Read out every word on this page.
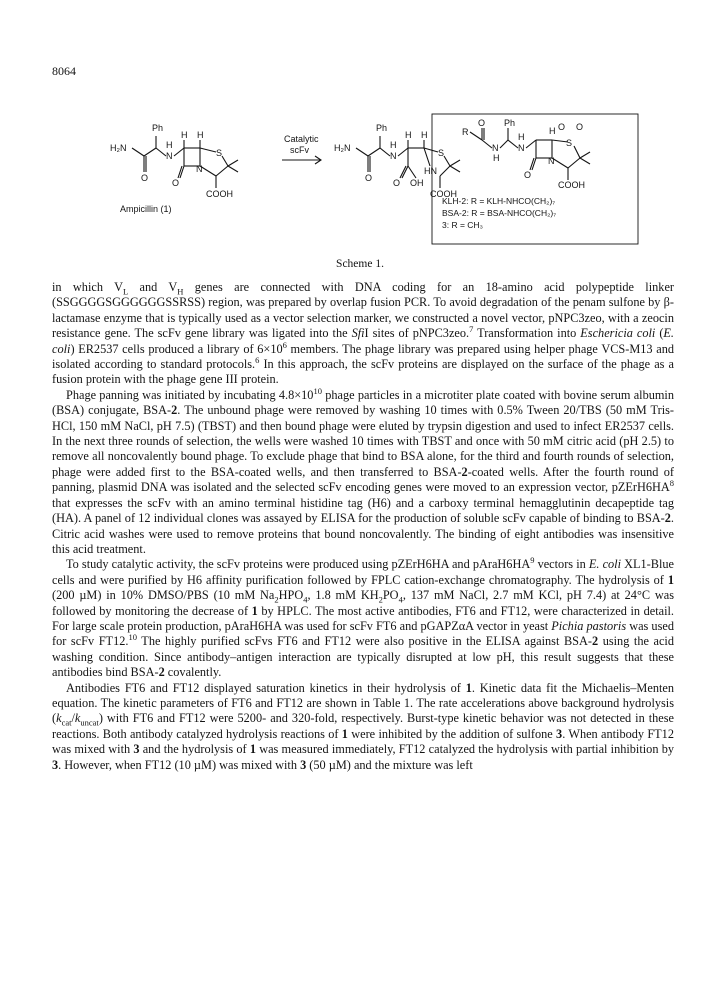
8064
Ph
H₂N
N
H
H H
S
N
O	O
COOH
Ampicillin (1)
Catalytic
scFv
Ph
H₂N
N
H
H H
S
HN
O O OH
COOH
O Ph
R
N
H
N
H
H
S
O O
N
O
COOH
KLH-2: R = KLH-NHCO(CH₂)₇
BSA-2: R = BSA-NHCO(CH₂)₇
3: R = CH₃
Scheme 1.

in which $V_L$ and $V_H$ genes are connected with DNA coding for an 18-amino acid polypeptide linker (SSGGGGSGGGGGGSSRSS) region, was prepared by overlap fusion PCR. To avoid degradation of the penam sulfone by β-lactamase enzyme that is typically used as a vector selection marker, we constructed a novel vector, pNPC3zeo, with a zeocin resistance gene. The scFv gene library was ligated into the SfiI sites of pNPC3zeo.$^7$ Transformation into Eschericia coli (E. coli) ER2537 cells produced a library of $6\times 10^6$ members. The phage library was prepared using helper phage VCS-M13 and isolated according to standard protocols.$^6$ In this approach, the scFv proteins are displayed on the surface of the phage as a fusion protein with the phage gene III protein.

Phage panning was initiated by incubating $4.8\times 10^{10}$ phage particles in a microtiter plate coated with bovine serum albumin (BSA) conjugate, BSA-2. The unbound phage were removed by washing 10 times with 0.5% Tween 20/TBS (50 mM Tris-HCl, 150 mM NaCl, pH 7.5) (TBST) and then bound phage were eluted by trypsin digestion and used to infect ER2537 cells. In the next three rounds of selection, the wells were washed 10 times with TBST and once with 50 mM citric acid (pH 2.5) to remove all noncovalently bound phage. To exclude phage that bind to BSA alone, for the third and fourth rounds of selection, phage were added first to the BSA-coated wells, and then transferred to BSA-2-coated wells. After the fourth round of panning, plasmid DNA was isolated and the selected scFv encoding genes were moved to an expression vector, $pZErH6HA^8$ that expresses the scFv with an amino terminal histidine tag (H6) and a carboxy terminal hemagglutinin decapeptide tag (HA). A panel of 12 individual clones was assayed by ELISA for the production of soluble scFv capable of binding to BSA-2. Citric acid washes were used to remove proteins that bound noncovalently. The binding of eight antibodies was insensitive this acid treatment.

To study catalytic activity, the scFv proteins were produced using pZErH6HA and $pAraH6HA^9$ vectors in E. coli XL1-Blue cells and were purified by H6 affinity purification followed by FPLC cation-exchange chromatography. The hydrolysis of 1 (200 µM) in 10% DMSO/PBS (10 mM $Na_2HPO_4$, 1.8 mM $KH_2PO_4$, 137 mM NaCl, 2.7 mM KCl, pH 7.4) at 24°C was followed by monitoring the decrease of 1 by HPLC. The most active antibodies, FT6 and FT12, were characterized in detail. For large scale protein production, pAraH6HA was used for scFv FT6 and pGAPZαA vector in yeast Pichia pastoris was used for scFv FT12.10 The highly purified scFvs FT6 and FT12 were also positive in the ELISA against BSA-2 using the acid washing condition. Since antibody–antigen interaction are typically disrupted at low pH, this result suggests that these antibodies bind BSA-2 covalently.

Antibodies FT6 and FT12 displayed saturation kinetics in their hydrolysis of 1. Kinetic data fit the Michaelis–Menten equation. The kinetic parameters of FT6 and FT12 are shown in Table 1. The rate accelerations above background hydrolysis $(k_{cat}/k_{uncat})$ with FT6 and FT12 were 5200- and 320-fold, respectively. Burst-type kinetic behavior was not detected in these reactions. Both antibody catalyzed hydrolysis reactions of 1 were inhibited by the addition of sulfone 3. When antibody FT12 was mixed with 3 and the hydrolysis of 1 was measured immediately, FT12 catalyzed the hydrolysis with partial inhibition by 3. However, when FT12 (10 µM) was mixed with 3 (50 µM) and the mixture was left
